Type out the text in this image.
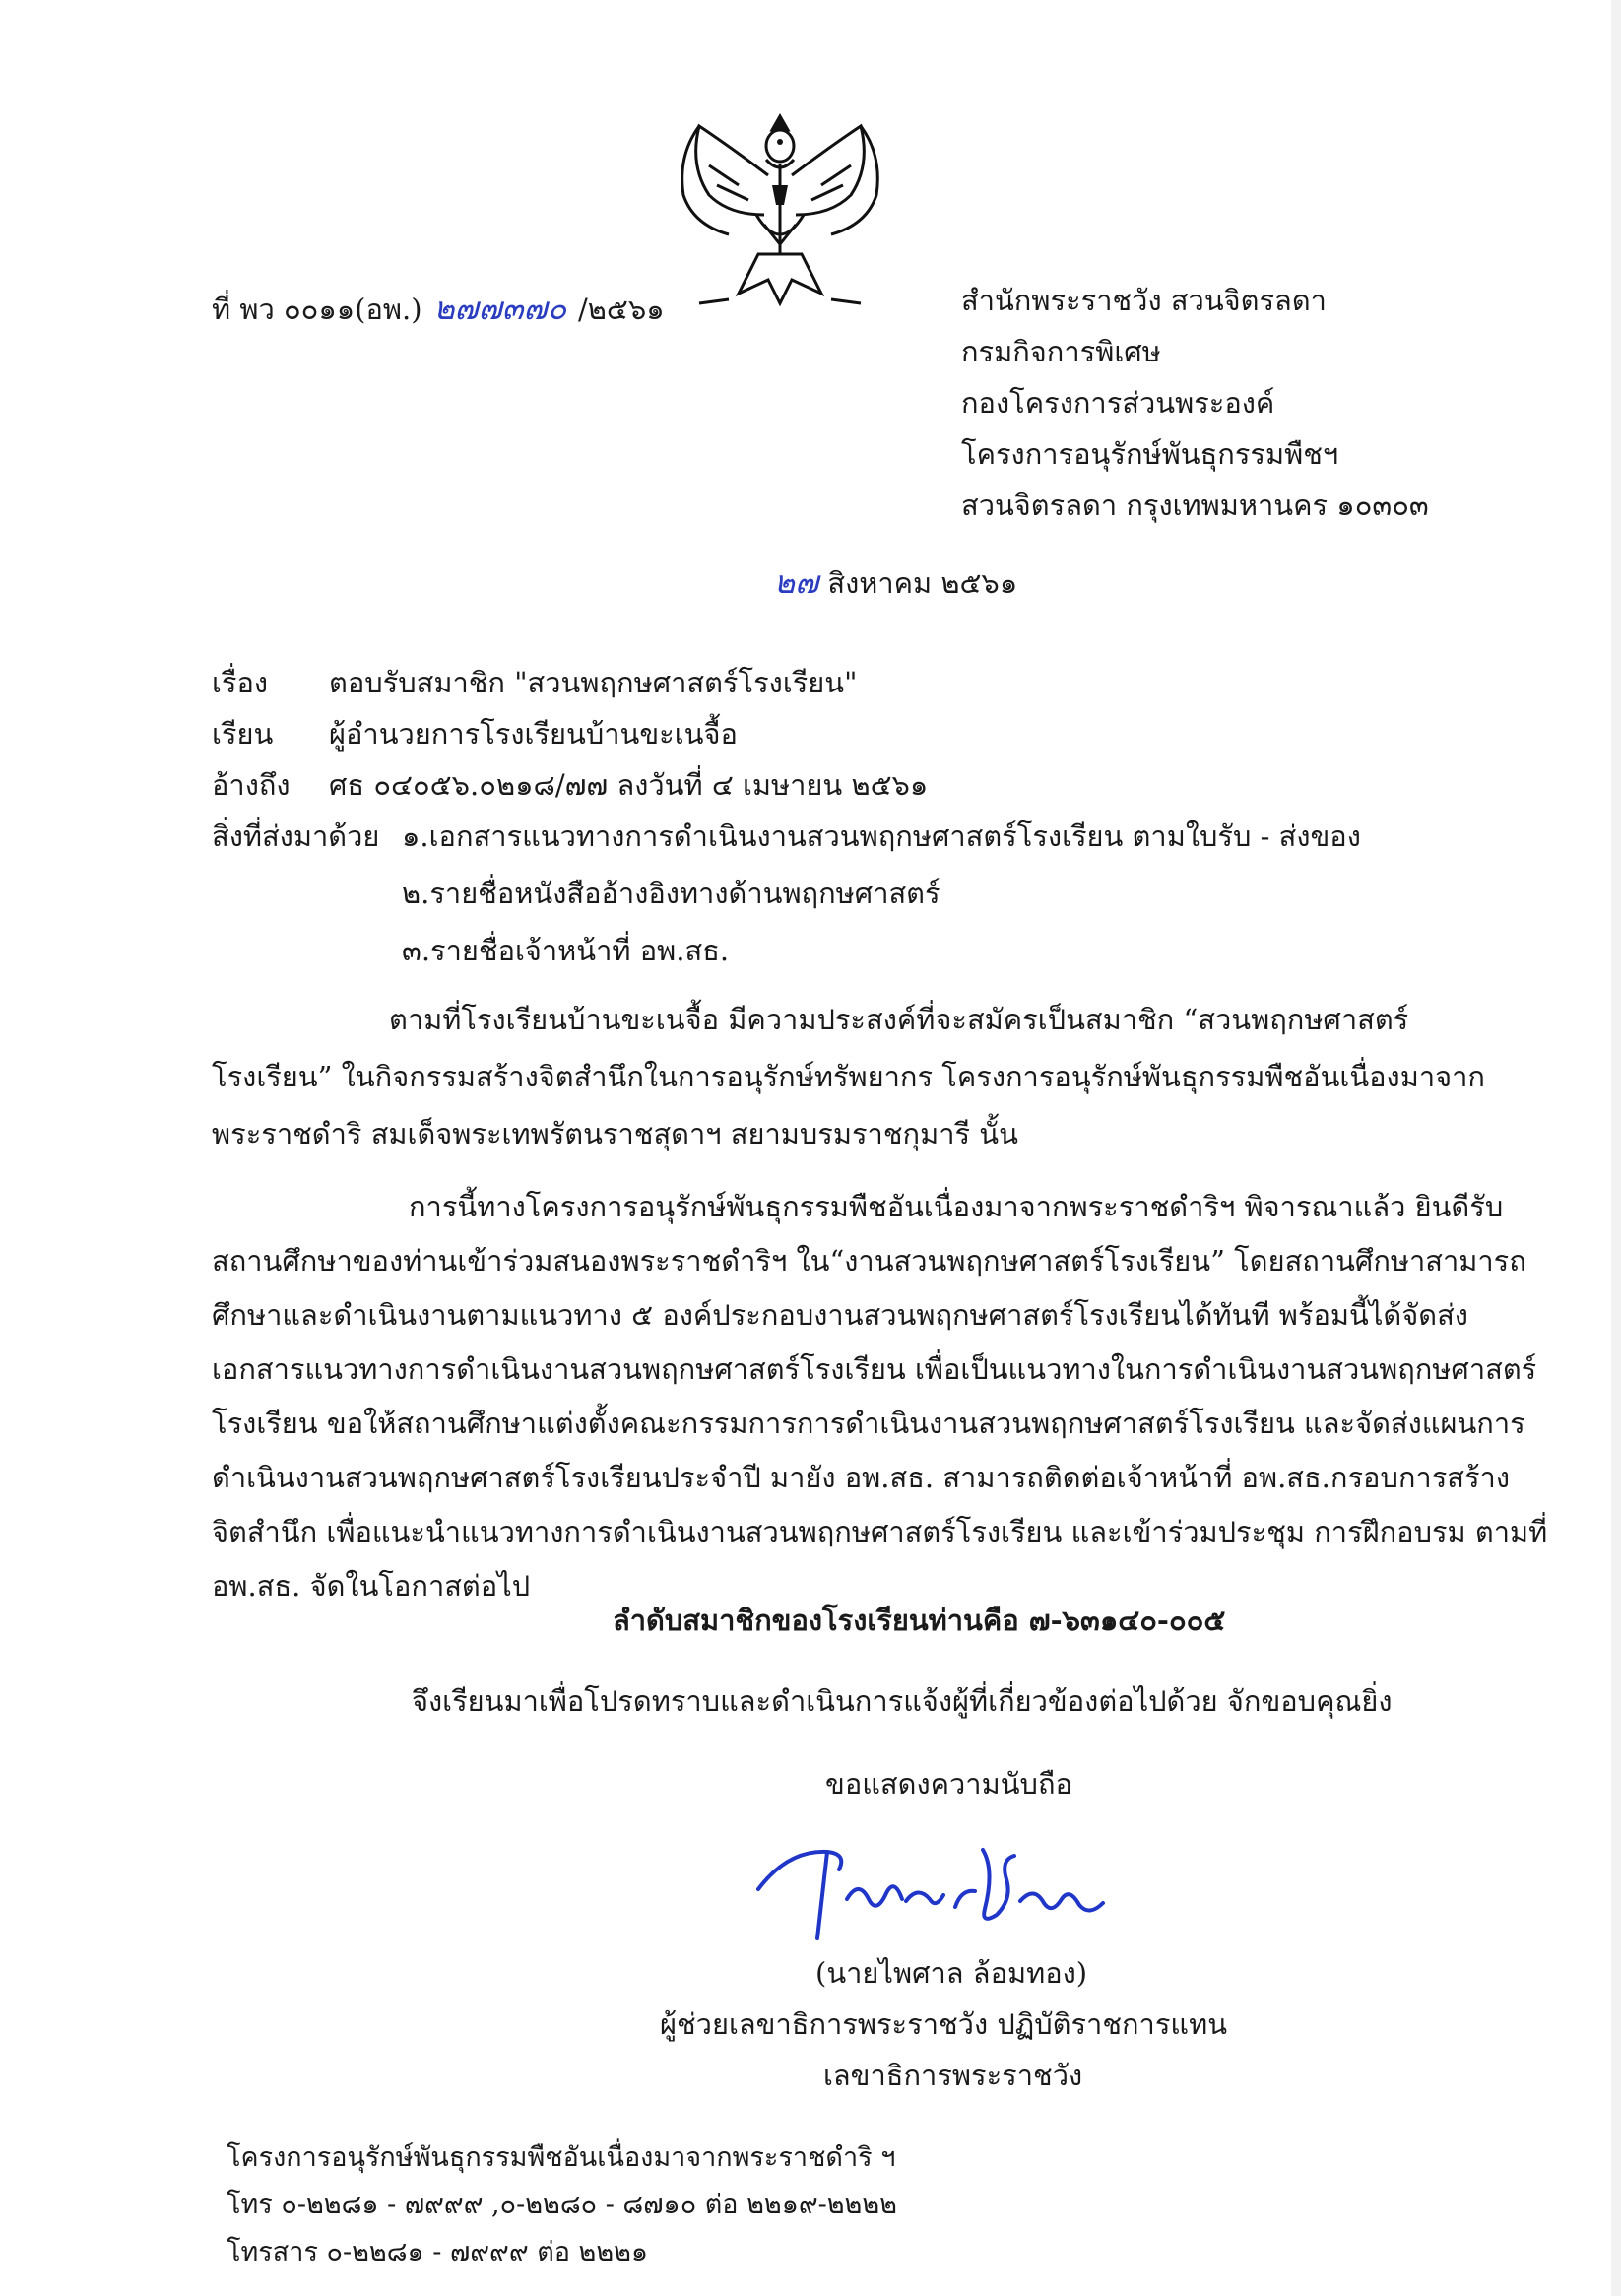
ที่ พว ๐๐๑๑(อพ.) ๒๗๗๓๗๐ /๒๕๖๑	สำนักพระราชวัง สวนจิตรลดา
กรมกิจการพิเศษ
กองโครงการส่วนพระองค์
โครงการอนุรักษ์พันธุกรรมพืชฯ
สวนจิตรลดา กรุงเทพมหานคร ๑๐๓๐๓
๒๗ สิงหาคม ๒๕๖๑
เรื่อง ตอบรับสมาชิก "สวนพฤกษศาสตร์โรงเรียน"
เรียน ผู้อำนวยการโรงเรียนบ้านขะเนจื้อ
อ้างถึง ศธ ๐๔๐๕๖.๐๒๑๘/๗๗ ลงวันที่ ๔ เมษายน ๒๕๖๑
สิ่งที่ส่งมาด้วย ๑.เอกสารแนวทางการดำเนินงานสวนพฤกษศาสตร์โรงเรียน ตามใบรับ - ส่งของ
๒.รายชื่อหนังสืออ้างอิงทางด้านพฤกษศาสตร์
๓.รายชื่อเจ้าหน้าที่ อพ.สธ.

ตามที่โรงเรียนบ้านขะเนจื้อ มีความประสงค์ที่จะสมัครเป็นสมาชิก “สวนพฤกษศาสตร์

โรงเรียน” ในกิจกรรมสร้างจิตสำนึกในการอนุรักษ์ทรัพยากร โครงการอนุรักษ์พันธุกรรมพืชอันเนื่องมาจาก

พระราชดำริ สมเด็จพระเทพรัตนราชสุดาฯ สยามบรมราชกุมารี นั้น

การนี้ทางโครงการอนุรักษ์พันธุกรรมพืชอันเนื่องมาจากพระราชดำริฯ พิจารณาแล้ว ยินดีรับ

สถานศึกษาของท่านเข้าร่วมสนองพระราชดำริฯ ใน“งานสวนพฤกษศาสตร์โรงเรียน” โดยสถานศึกษาสามารถ

ศึกษาและดำเนินงานตามแนวทาง ๕ องค์ประกอบงานสวนพฤกษศาสตร์โรงเรียนได้ทันที พร้อมนี้ได้จัดส่ง

เอกสารแนวทางการดำเนินงานสวนพฤกษศาสตร์โรงเรียน เพื่อเป็นแนวทางในการดำเนินงานสวนพฤกษศาสตร์

โรงเรียน ขอให้สถานศึกษาแต่งตั้งคณะกรรมการการดำเนินงานสวนพฤกษศาสตร์โรงเรียน และจัดส่งแผนการ

ดำเนินงานสวนพฤกษศาสตร์โรงเรียนประจำปี มายัง อพ.สธ. สามารถติดต่อเจ้าหน้าที่ อพ.สธ.กรอบการสร้าง

จิตสำนึก เพื่อแนะนำแนวทางการดำเนินงานสวนพฤกษศาสตร์โรงเรียน และเข้าร่วมประชุม การฝึกอบรม ตามที่

อพ.สธ. จัดในโอกาสต่อไป

ลำดับสมาชิกของโรงเรียนท่านคือ ๗-๖๓๑๔๐-๐๐๕
จึงเรียนมาเพื่อโปรดทราบและดำเนินการแจ้งผู้ที่เกี่ยวข้องต่อไปด้วย จักขอบคุณยิ่ง
ขอแสดงความนับถือ
(นายไพศาล ล้อมทอง)
ผู้ช่วยเลขาธิการพระราชวัง ปฏิบัติราชการแทน
เลขาธิการพระราชวัง
โครงการอนุรักษ์พันธุกรรมพืชอันเนื่องมาจากพระราชดำริ ฯ
โทร ๐-๒๒๘๑ - ๗๙๙๙ ,๐-๒๒๘๐ - ๘๗๑๐ ต่อ ๒๒๑๙-๒๒๒๒
โทรสาร ๐-๒๒๘๑ - ๗๙๙๙ ต่อ ๒๒๒๑
